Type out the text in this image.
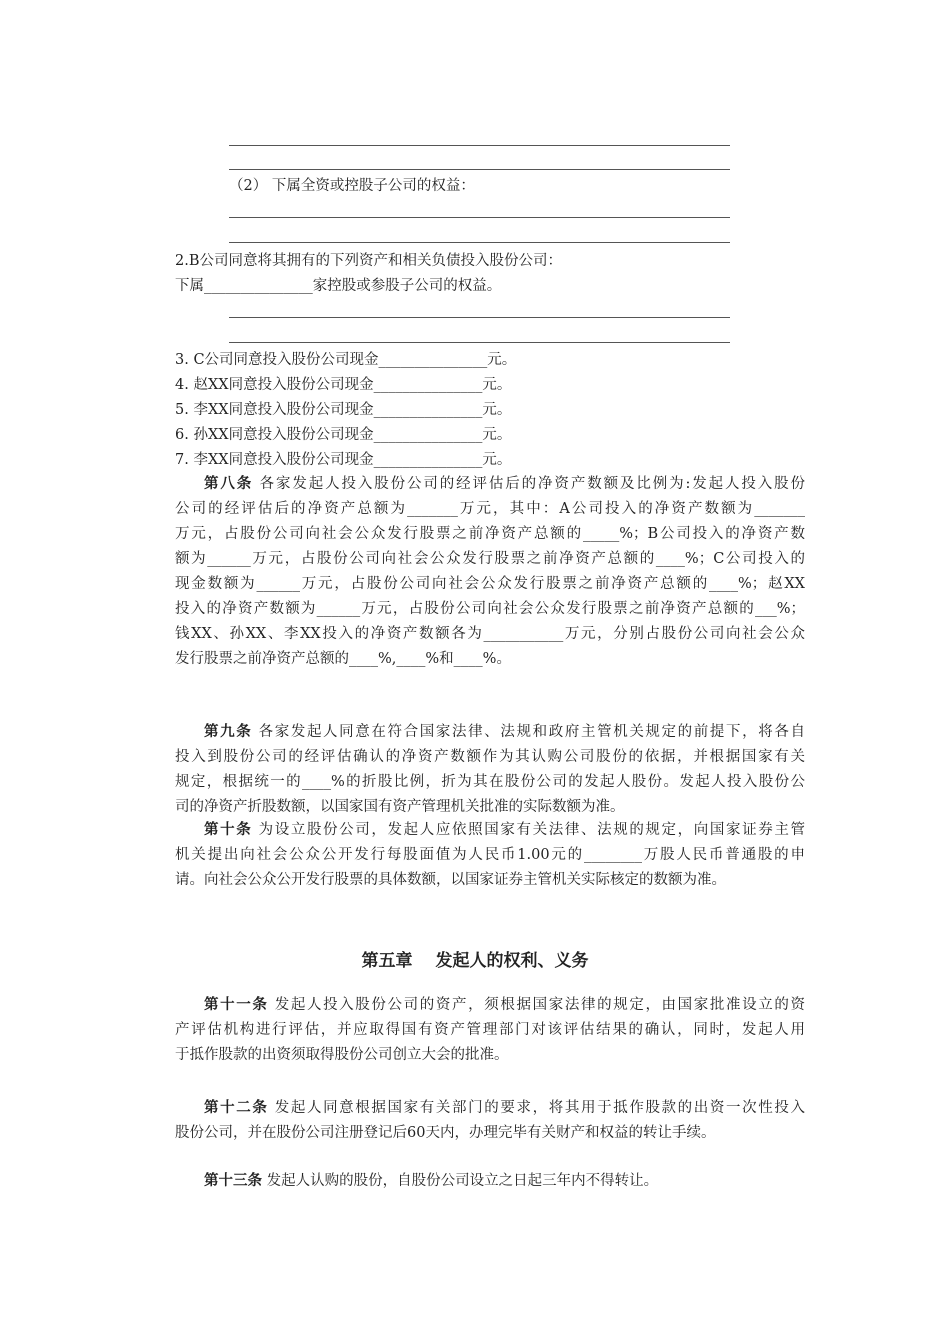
（2） 下属全资或控股子公司的权益：
2.B公司同意将其拥有的下列资产和相关负债投入股份公司：
下属_______________家控股或参股子公司的权益。
3. C公司同意投入股份公司现金_______________元。
4. 赵XX同意投入股份公司现金_______________元。
5. 李XX同意投入股份公司现金_______________元。
6. 孙XX同意投入股份公司现金_______________元。
7. 李XX同意投入股份公司现金_______________元。
第八条 各家发起人投入股份公司的经评估后的净资产数额及比例为:发起人投入股份
公司的经评估后的净资产总额为_______万元，其中：A公司投入的净资产数额为_______
万元，占股份公司向社会公众发行股票之前净资产总额的_____%；B公司投入的净资产数
额为______万元，占股份公司向社会公众发行股票之前净资产总额的____%；C公司投入的
现金数额为______万元，占股份公司向社会公众发行股票之前净资产总额的____%；赵XX
投入的净资产数额为______万元，占股份公司向社会公众发行股票之前净资产总额的___%；
钱XX、孙XX、李XX投入的净资产数额各为___________万元，分别占股份公司向社会公众
发行股票之前净资产总额的____%,____%和____%。
第九条 各家发起人同意在符合国家法律、法规和政府主管机关规定的前提下，将各自
投入到股份公司的经评估确认的净资产数额作为其认购公司股份的依据，并根据国家有关
规定，根据统一的____%的折股比例，折为其在股份公司的发起人股份。发起人投入股份公
司的净资产折股数额，以国家国有资产管理机关批准的实际数额为准。
第十条 为设立股份公司，发起人应依照国家有关法律、法规的规定，向国家证券主管
机关提出向社会公众公开发行每股面值为人民币1.00元的________万股人民币普通股的申
请。向社会公众公开发行股票的具体数额，以国家证券主管机关实际核定的数额为准。
第五章　 发起人的权利、义务
第十一条 发起人投入股份公司的资产，须根据国家法律的规定，由国家批准设立的资
产评估机构进行评估，并应取得国有资产管理部门对该评估结果的确认，同时，发起人用
于抵作股款的出资须取得股份公司创立大会的批准。
第十二条 发起人同意根据国家有关部门的要求，将其用于抵作股款的出资一次性投入
股份公司，并在股份公司注册登记后60天内，办理完毕有关财产和权益的转让手续。
第十三条 发起人认购的股份，自股份公司设立之日起三年内不得转让。
